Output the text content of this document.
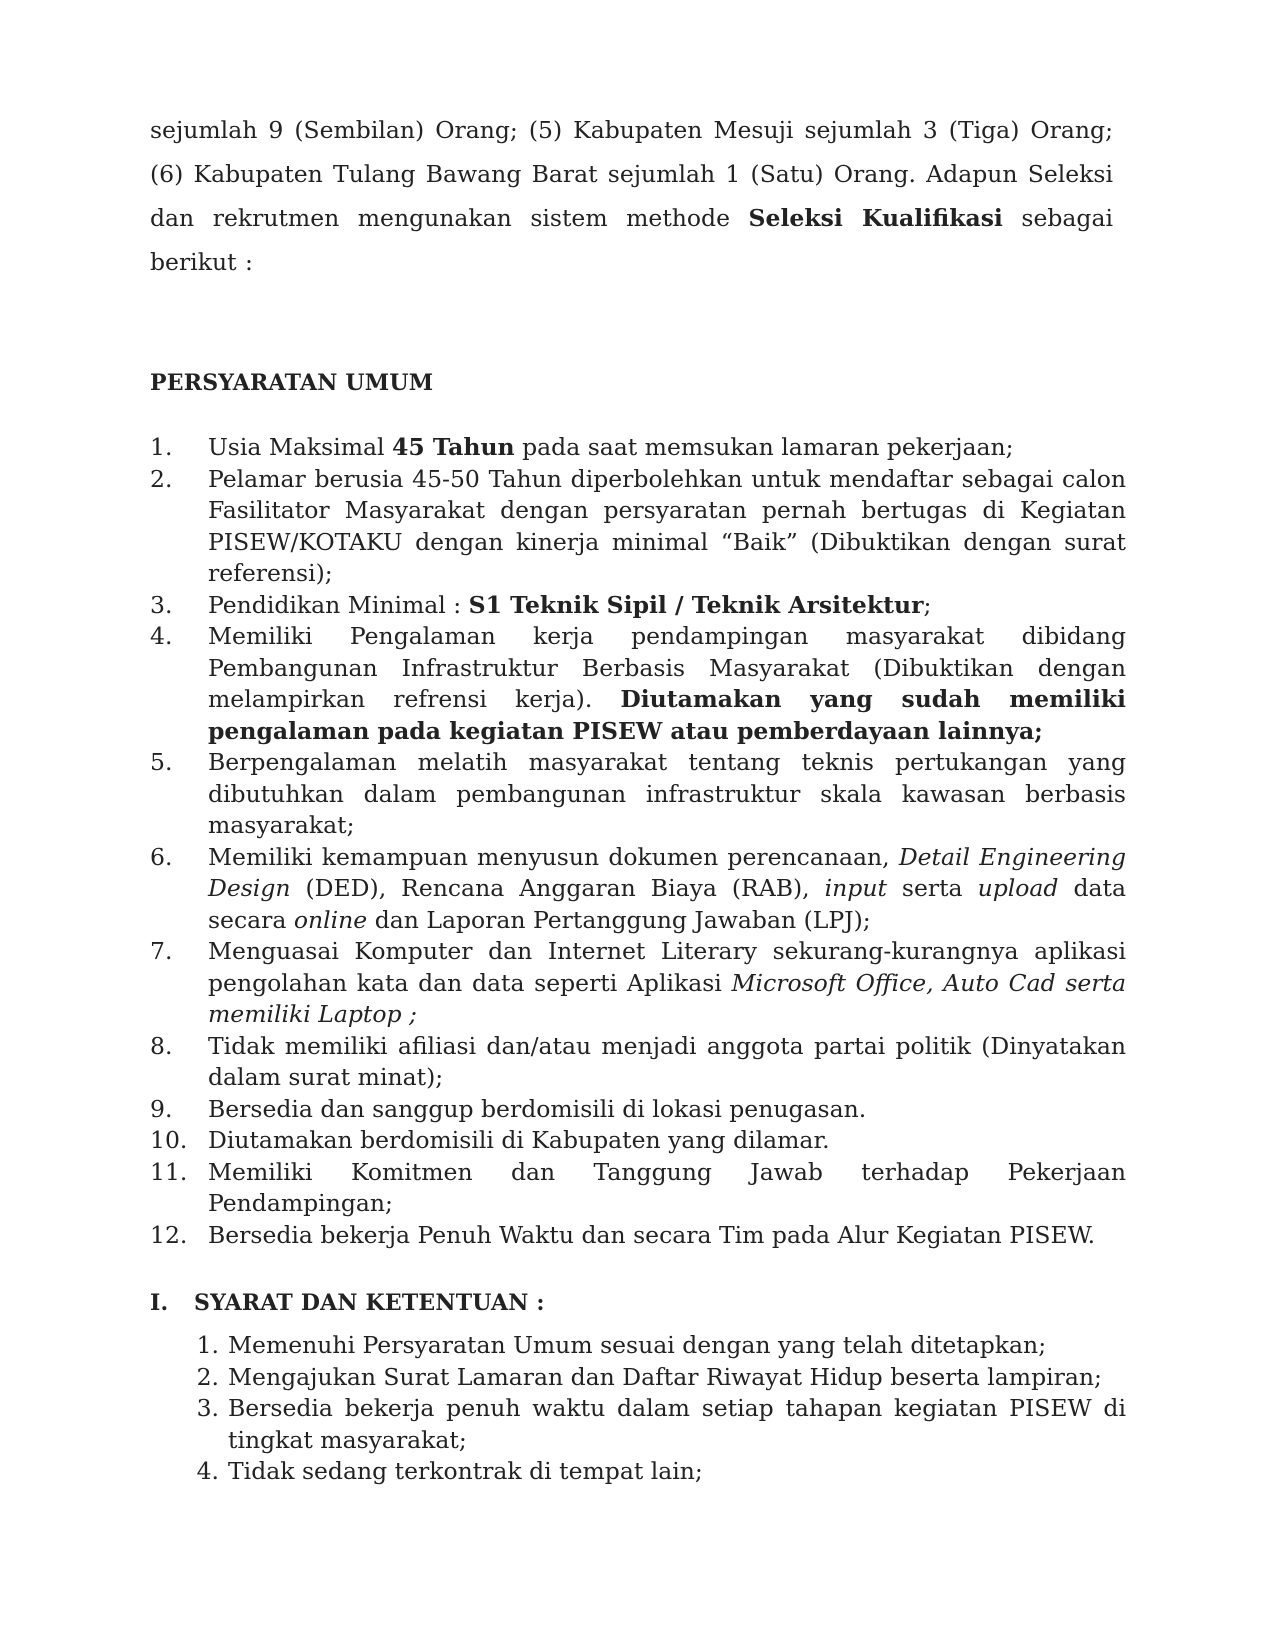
sejumlah 9 (Sembilan) Orang; (5) Kabupaten Mesuji sejumlah 3 (Tiga) Orang; (6) Kabupaten Tulang Bawang Barat sejumlah 1 (Satu) Orang. Adapun Seleksi dan rekrutmen mengunakan sistem methode Seleksi Kualifikasi sebagai berikut :

PERSYARATAN UMUM
1.	Usia Maksimal 45 Tahun pada saat memsukan lamaran pekerjaan;
2.	Pelamar berusia 45-50 Tahun diperbolehkan untuk mendaftar sebagai calon Fasilitator Masyarakat dengan persyaratan pernah bertugas di Kegiatan PISEW/KOTAKU dengan kinerja minimal “Baik” (Dibuktikan dengan surat referensi);
3.	Pendidikan Minimal : S1 Teknik Sipil / Teknik Arsitektur;
4.	Memiliki Pengalaman kerja pendampingan masyarakat dibidang Pembangunan Infrastruktur Berbasis Masyarakat (Dibuktikan dengan melampirkan refrensi kerja). Diutamakan yang sudah memiliki pengalaman pada kegiatan PISEW atau pemberdayaan lainnya;
5.	Berpengalaman melatih masyarakat tentang teknis pertukangan yang dibutuhkan dalam pembangunan infrastruktur skala kawasan berbasis masyarakat;
6.	Memiliki kemampuan menyusun dokumen perencanaan, Detail Engineering Design (DED), Rencana Anggaran Biaya (RAB), input serta upload data secara online dan Laporan Pertanggung Jawaban (LPJ);
7.	Menguasai Komputer dan Internet Literary sekurang-kurangnya aplikasi pengolahan kata dan data seperti Aplikasi Microsoft Office, Auto Cad serta memiliki Laptop ;
8.	Tidak memiliki afiliasi dan/atau menjadi anggota partai politik (Dinyatakan dalam surat minat);
9.	Bersedia dan sanggup berdomisili di lokasi penugasan.
10. Diutamakan berdomisili di Kabupaten yang dilamar.
11. Memiliki Komitmen dan Tanggung Jawab terhadap Pekerjaan Pendampingan;
12. Bersedia bekerja Penuh Waktu dan secara Tim pada Alur Kegiatan PISEW.
I.	SYARAT DAN KETENTUAN :
1. Memenuhi Persyaratan Umum sesuai dengan yang telah ditetapkan;
2. Mengajukan Surat Lamaran dan Daftar Riwayat Hidup beserta lampiran;
3. Bersedia bekerja penuh waktu dalam setiap tahapan kegiatan PISEW di tingkat masyarakat;
4. Tidak sedang terkontrak di tempat lain;
